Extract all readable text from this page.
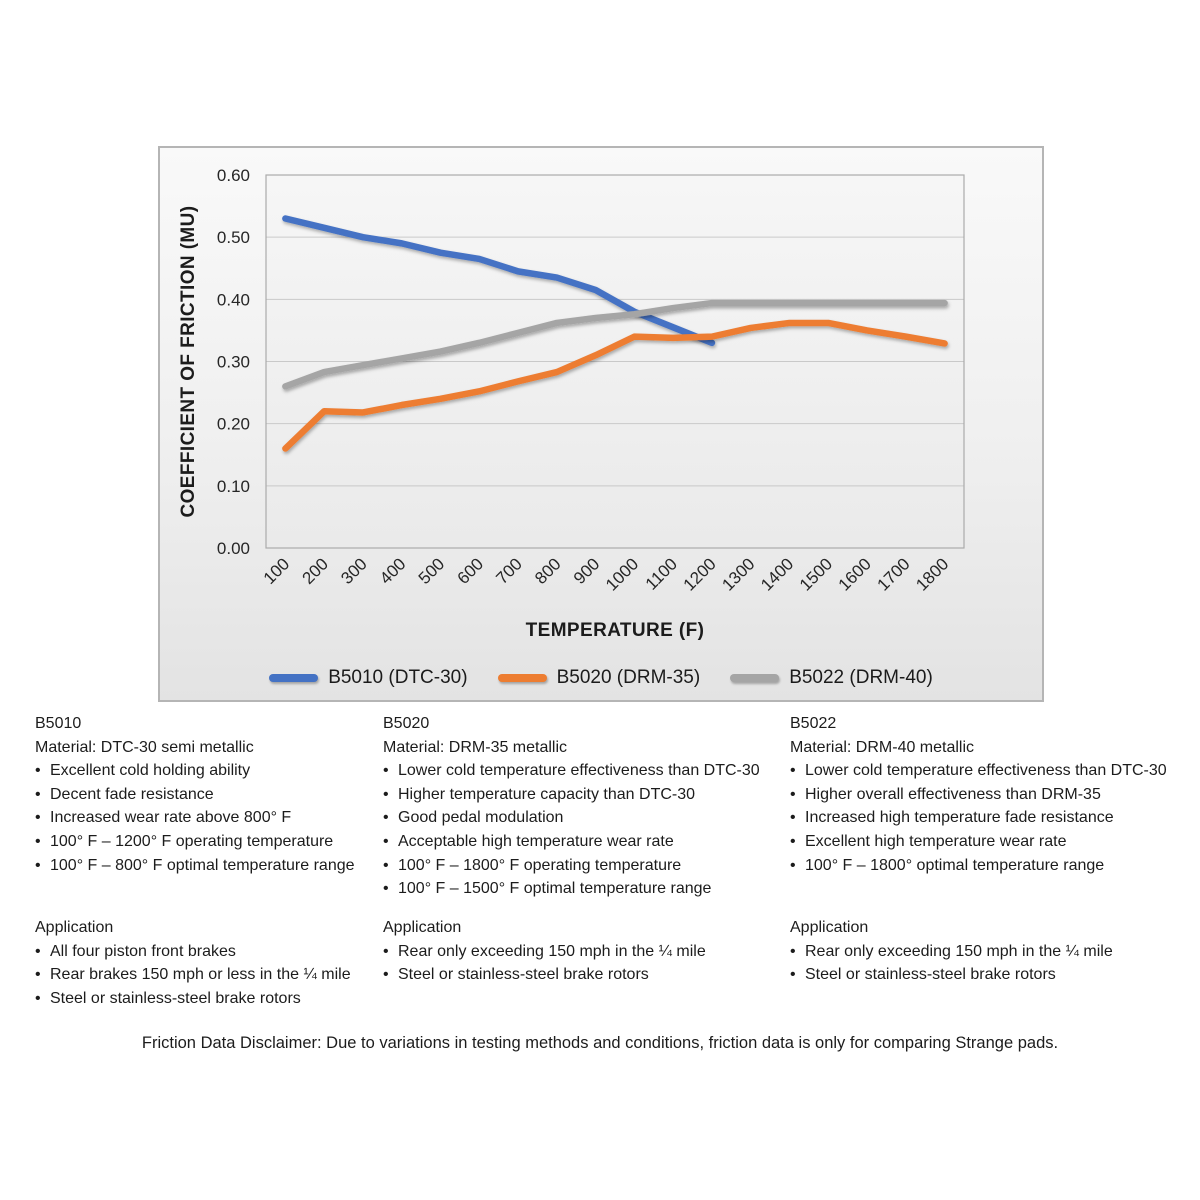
0.00
0.10
0.20
0.30
0.40
0.50
0.60
100 200 300 400 500 600 700 800 900
1000 1100
1200
1300
1400
1500
1600
1700
1800
TEMPERATURE (F)
COEFFICIENT OF FRICTION (MU)
B5010 (DTC-30)	B5020 (DRM-35)	B5022 (DRM-40)
B5010
Material: DTC-30 semi metallic
• Excellent cold holding ability
• Decent fade resistance
• Increased wear rate above 800° F
• 100° F – 1200° F operating temperature
• 100° F – 800° F optimal temperature range
Application
• All four piston front brakes
• Rear brakes 150 mph or less in the ¼ mile
• Steel or stainless-steel brake rotors
B5020
Material: DRM-35 metallic
• Lower cold temperature effectiveness than DTC-30
• Higher temperature capacity than DTC-30
• Good pedal modulation
• Acceptable high temperature wear rate
• 100° F – 1800° F operating temperature
• 100° F – 1500° F optimal temperature range
Application
• Rear only exceeding 150 mph in the ¼ mile
• Steel or stainless-steel brake rotors
B5022
Material: DRM-40 metallic
• Lower cold temperature effectiveness than DTC-30
• Higher overall effectiveness than DRM-35
• Increased high temperature fade resistance
• Excellent high temperature wear rate
• 100° F – 1800° optimal temperature range
Application
• Rear only exceeding 150 mph in the ¼ mile
• Steel or stainless-steel brake rotors
Friction Data Disclaimer: Due to variations in testing methods and conditions, friction data is only for comparing Strange pads.
